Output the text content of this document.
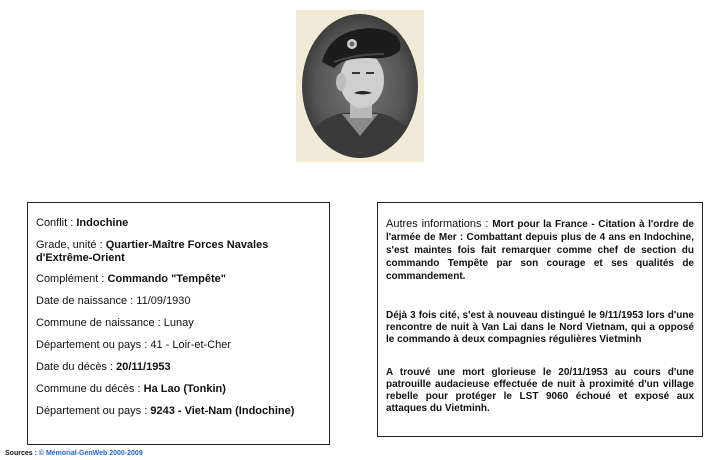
Conflit : Indochine
Grade, unité : Quartier-Maître Forces Navales d'Extrême-Orient
Complément : Commando "Tempête"
Date de naissance : 11/09/1930
Commune de naissance : Lunay
Département ou pays : 41 - Loir-et-Cher
Date du décès : 20/11/1953
Commune du décès : Ha Lao (Tonkin)
Département ou pays : 9243 - Viet-Nam (Indochine)
Autres informations : Mort pour la France - Citation à l'ordre de l'armée de Mer : Combattant depuis plus de 4 ans en Indochine, s'est maintes fois fait remarquer comme chef de section du commando Tempête par son courage et ses qualités de commandement.

Déjà 3 fois cité, s'est à nouveau distingué le 9/11/1953 lors d'une rencontre de nuit à Van Lai dans le Nord Vietnam, qui a opposé le commando à deux compagnies régulières Vietminh

A trouvé une mort glorieuse le 20/11/1953 au cours d'une patrouille audacieuse effectuée de nuit à proximité d'un village rebelle pour protéger le LST 9060 échoué et exposé aux attaques du Vietminh.

Sources : © Mémorial-GenWeb 2000-2009
